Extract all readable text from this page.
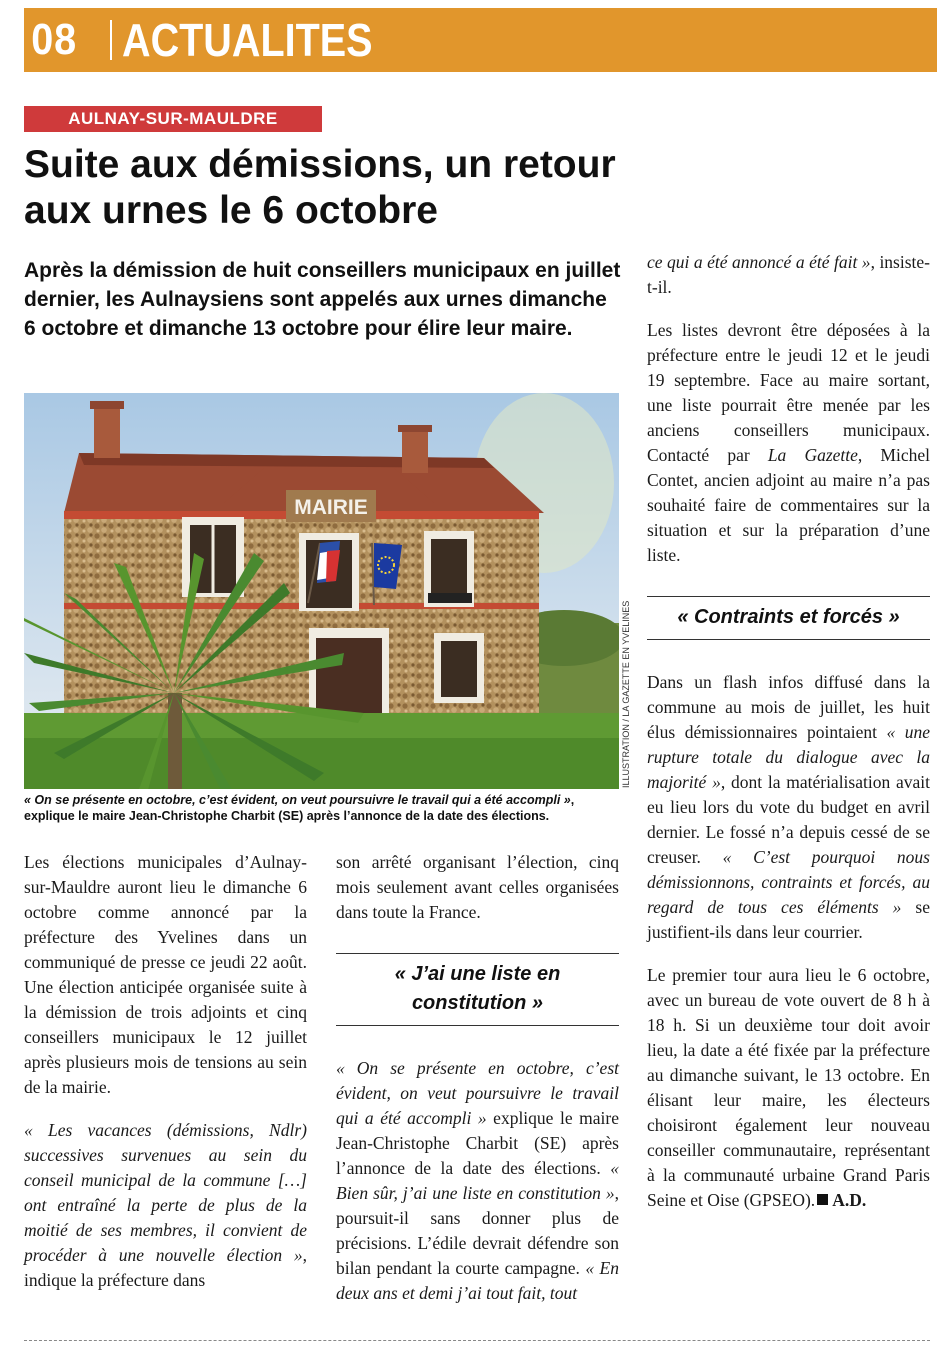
08 ACTUALITES
AULNAY-SUR-MAULDRE
Suite aux démissions, un retour
aux urnes le 6 octobre

Après la démission de huit conseillers municipaux en juillet dernier, les Aulnaysiens sont appelés aux urnes dimanche 6 octobre et dimanche 13 octobre pour élire leur maire.

MAIRIE
ILLUSTRATION / LA GAZETTE EN YVELINES

« On se présente en octobre, c’est évident, on veut poursuivre le travail qui a été accompli », explique le maire Jean-Christophe Charbit (SE) après l’annonce de la date des élections.

Les élections municipales d’Aulnay-sur-Mauldre auront lieu le dimanche 6 octobre comme annoncé par la préfecture des Yvelines dans un communiqué de presse ce jeudi 22 août. Une élection anticipée organisée suite à la démission de trois adjoints et cinq conseillers municipaux le 12 juillet après plusieurs mois de tensions au sein de la mairie.

« Les vacances (démissions, Ndlr) successives survenues au sein du conseil municipal de la commune […] ont entraîné la perte de plus de la moitié de ses membres, il convient de procéder à une nouvelle élection », indique la préfecture dans

son arrêté organisant l’élection, cinq mois seulement avant celles organisées dans toute la France.

« J’ai une liste en constitution »

« On se présente en octobre, c’est évident, on veut poursuivre le travail qui a été accompli » explique le maire Jean-Christophe Charbit (SE) après l’annonce de la date des élections. « Bien sûr, j’ai une liste en constitution », poursuit-il sans donner plus de précisions. L’édile devrait défendre son bilan pendant la courte campagne. « En deux ans et demi j’ai tout fait, tout

ce qui a été annoncé a été fait », insiste-t-il.

Les listes devront être déposées à la préfecture entre le jeudi 12 et le jeudi 19 septembre. Face au maire sortant, une liste pourrait être menée par les anciens conseillers municipaux. Contacté par La Gazette, Michel Contet, ancien adjoint au maire n’a pas souhaité faire de commentaires sur la situation et sur la préparation d’une liste.

« Contraints et forcés »

Dans un flash infos diffusé dans la commune au mois de juillet, les huit élus démissionnaires pointaient « une rupture totale du dialogue avec la majorité », dont la matérialisation avait eu lieu lors du vote du budget en avril dernier. Le fossé n’a depuis cessé de se creuser. « C’est pourquoi nous démissionnons, contraints et forcés, au regard de tous ces éléments » se justifient-ils dans leur courrier.

Le premier tour aura lieu le 6 octobre, avec un bureau de vote ouvert de 8 h à 18 h. Si un deuxième tour doit avoir lieu, la date a été fixée par la préfecture au dimanche suivant, le 13 octobre. En élisant leur maire, les électeurs choisiront également leur nouveau conseiller communautaire, représentant à la communauté urbaine Grand Paris Seine et Oise (GPSEO). A.D.
